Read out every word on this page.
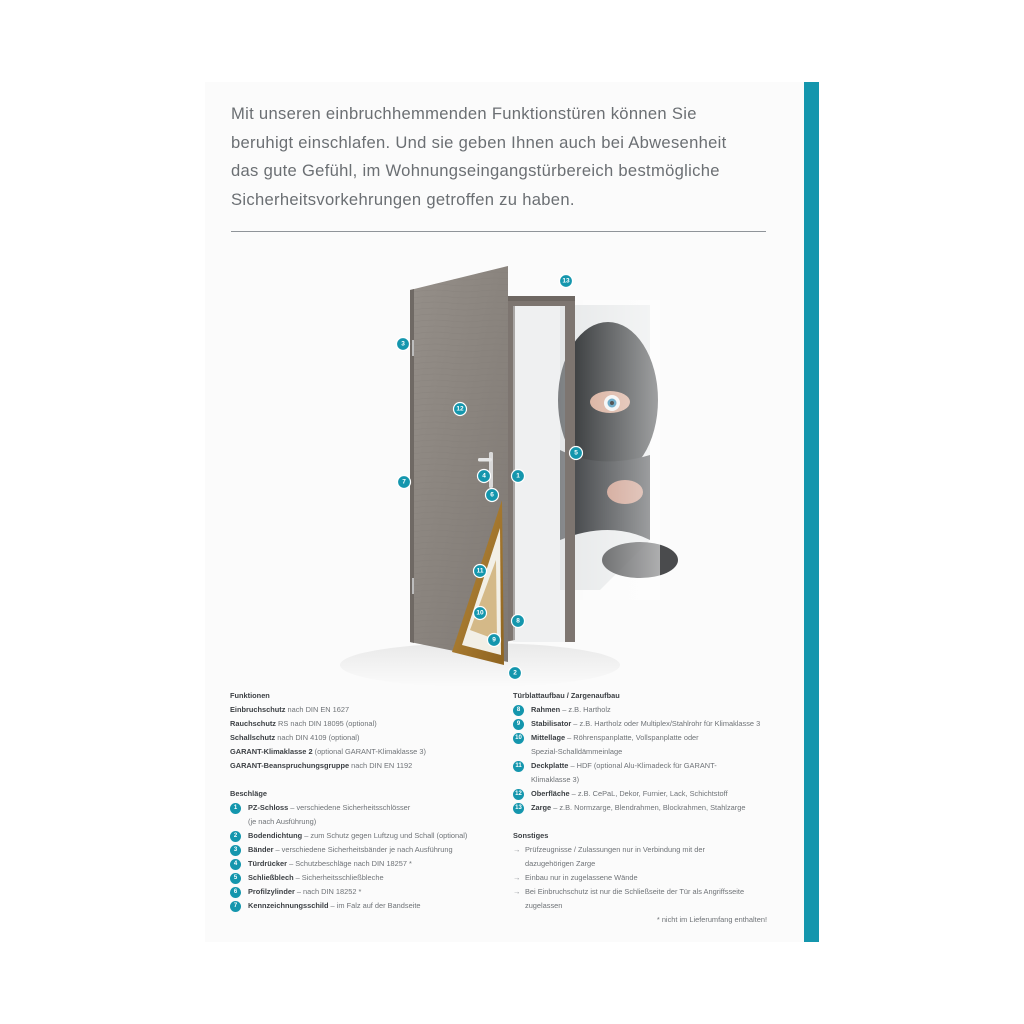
Mit unseren einbruchhemmenden Funktionstüren können Sie
beruhigt einschlafen. Und sie geben Ihnen auch bei Abwesenheit
das gute Gefühl, im Wohnungseingangstürbereich bestmögliche
Sicherheitsvorkehrungen getroffen zu haben.

1
2
3
4
5
6
7
8
9
10
11
12
13
Funktionen
Einbruchschutz nach DIN EN 1627
Rauchschutz RS nach DIN 18095 (optional)
Schallschutz nach DIN 4109 (optional)
GARANT-Klimaklasse 2 (optional GARANT-Klimaklasse 3)
GARANT-Beanspruchungsgruppe nach DIN EN 1192
Beschläge
1	PZ-Schloss – verschiedene Sicherheitsschlösser
(je nach Ausführung)
2	Bodendichtung – zum Schutz gegen Luftzug und Schall (optional)
3	Bänder – verschiedene Sicherheitsbänder je nach Ausführung
4	Türdrücker – Schutzbeschläge nach DIN 18257 *
5	Schließblech – Sicherheitsschließbleche
6	Profilzylinder – nach DIN 18252 *
7	Kennzeichnungsschild – im Falz auf der Bandseite
Türblattaufbau / Zargenaufbau
8	Rahmen – z.B. Hartholz
9	Stabilisator – z.B. Hartholz oder Multiplex/Stahlrohr für Klimaklasse 3
10 Mittellage – Röhrenspanplatte, Vollspanplatte oder
Spezial-Schalldämmeinlage
11	Deckplatte – HDF (optional Alu-Klimadeck für GARANT-
Klimaklasse 3)
12 Oberfläche – z.B. CePaL, Dekor, Furnier, Lack, Schichtstoff
13 Zarge – z.B. Normzarge, Blendrahmen, Blockrahmen, Stahlzarge
Sonstiges
→ Prüfzeugnisse / Zulassungen nur in Verbindung mit der
dazugehörigen Zarge
→ Einbau nur in zugelassene Wände
→ Bei Einbruchschutz ist nur die Schließseite der Tür als Angriffsseite
zugelassen
* nicht im Lieferumfang enthalten!
